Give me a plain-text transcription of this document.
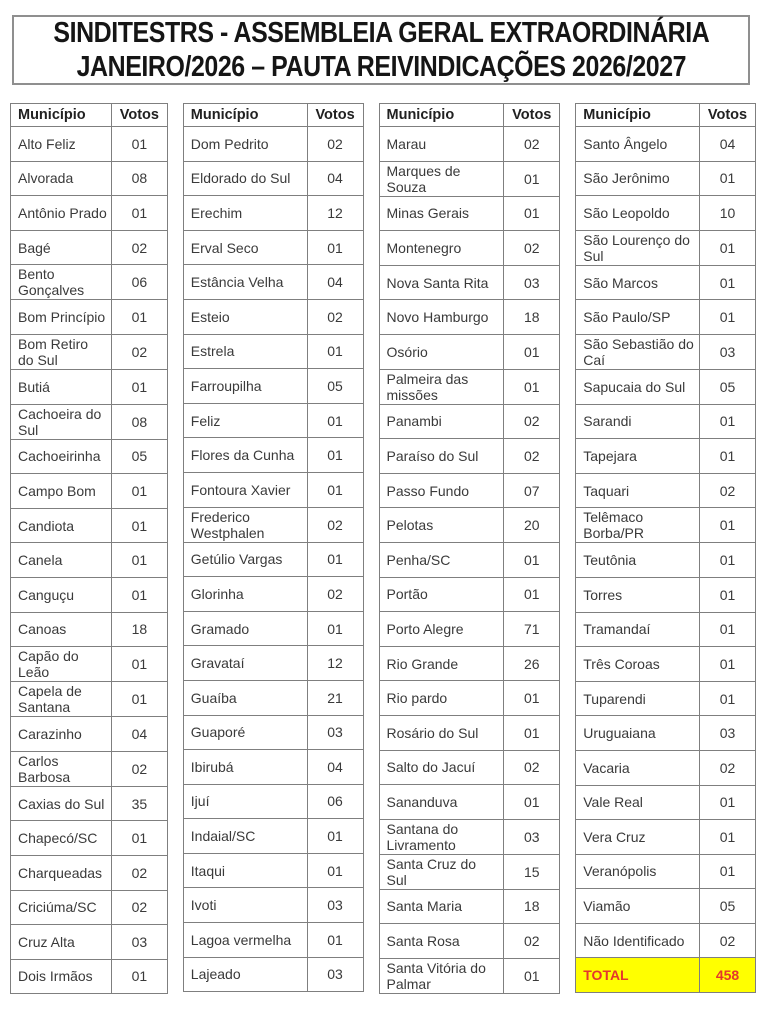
SINDITESTRS - ASSEMBLEIA GERAL EXTRAORDINÁRIA
JANEIRO/2026 – PAUTA REIVINDICAÇÕES 2026/2027
Município	Votos
Alto Feliz	01
Alvorada	08
Antônio Prado	01
Bagé	02
Bento Gonçalves	06
Bom Princípio	01
Bom Retiro do Sul	02
Butiá	01
Cachoeira do Sul	08
Cachoeirinha	05
Campo Bom	01
Candiota	01
Canela	01
Canguçu	01
Canoas	18
Capão do Leão	01
Capela de Santana	01
Carazinho	04
Carlos Barbosa	02
Caxias do Sul	35
Chapecó/SC	01
Charqueadas	02
Criciúma/SC	02
Cruz Alta	03
Dois Irmãos	01
Município	Votos
Dom Pedrito	02
Eldorado do Sul	04
Erechim	12
Erval Seco	01
Estância Velha	04
Esteio	02
Estrela	01
Farroupilha	05
Feliz	01
Flores da Cunha	01
Fontoura Xavier	01
Frederico Westphalen	02
Getúlio Vargas	01
Glorinha	02
Gramado	01
Gravataí	12
Guaíba	21
Guaporé	03
Ibirubá	04
Ijuí	06
Indaial/SC	01
Itaqui	01
Ivoti	03
Lagoa vermelha	01
Lajeado	03
Município	Votos
Marau	02
Marques de Souza	01
Minas Gerais	01
Montenegro	02
Nova Santa Rita	03
Novo Hamburgo	18
Osório	01
Palmeira das missões	01
Panambi	02
Paraíso do Sul	02
Passo Fundo	07
Pelotas	20
Penha/SC	01
Portão	01
Porto Alegre	71
Rio Grande	26
Rio pardo	01
Rosário do Sul	01
Salto do Jacuí	02
Sananduva	01
Santana do Livramento	03
Santa Cruz do Sul	15
Santa Maria	18
Santa Rosa	02
Santa Vitória do Palmar	01
Município	Votos
Santo Ângelo	04
São Jerônimo	01
São Leopoldo	10
São Lourenço do Sul	01
São Marcos	01
São Paulo/SP	01
São Sebastião do Caí	03
Sapucaia do Sul	05
Sarandi	01
Tapejara	01
Taquari	02
Telêmaco Borba/PR	01
Teutônia	01
Torres	01
Tramandaí	01
Três Coroas	01
Tuparendi	01
Uruguaiana	03
Vacaria	02
Vale Real	01
Vera Cruz	01
Veranópolis	01
Viamão	05
Não Identificado	02
TOTAL	458
